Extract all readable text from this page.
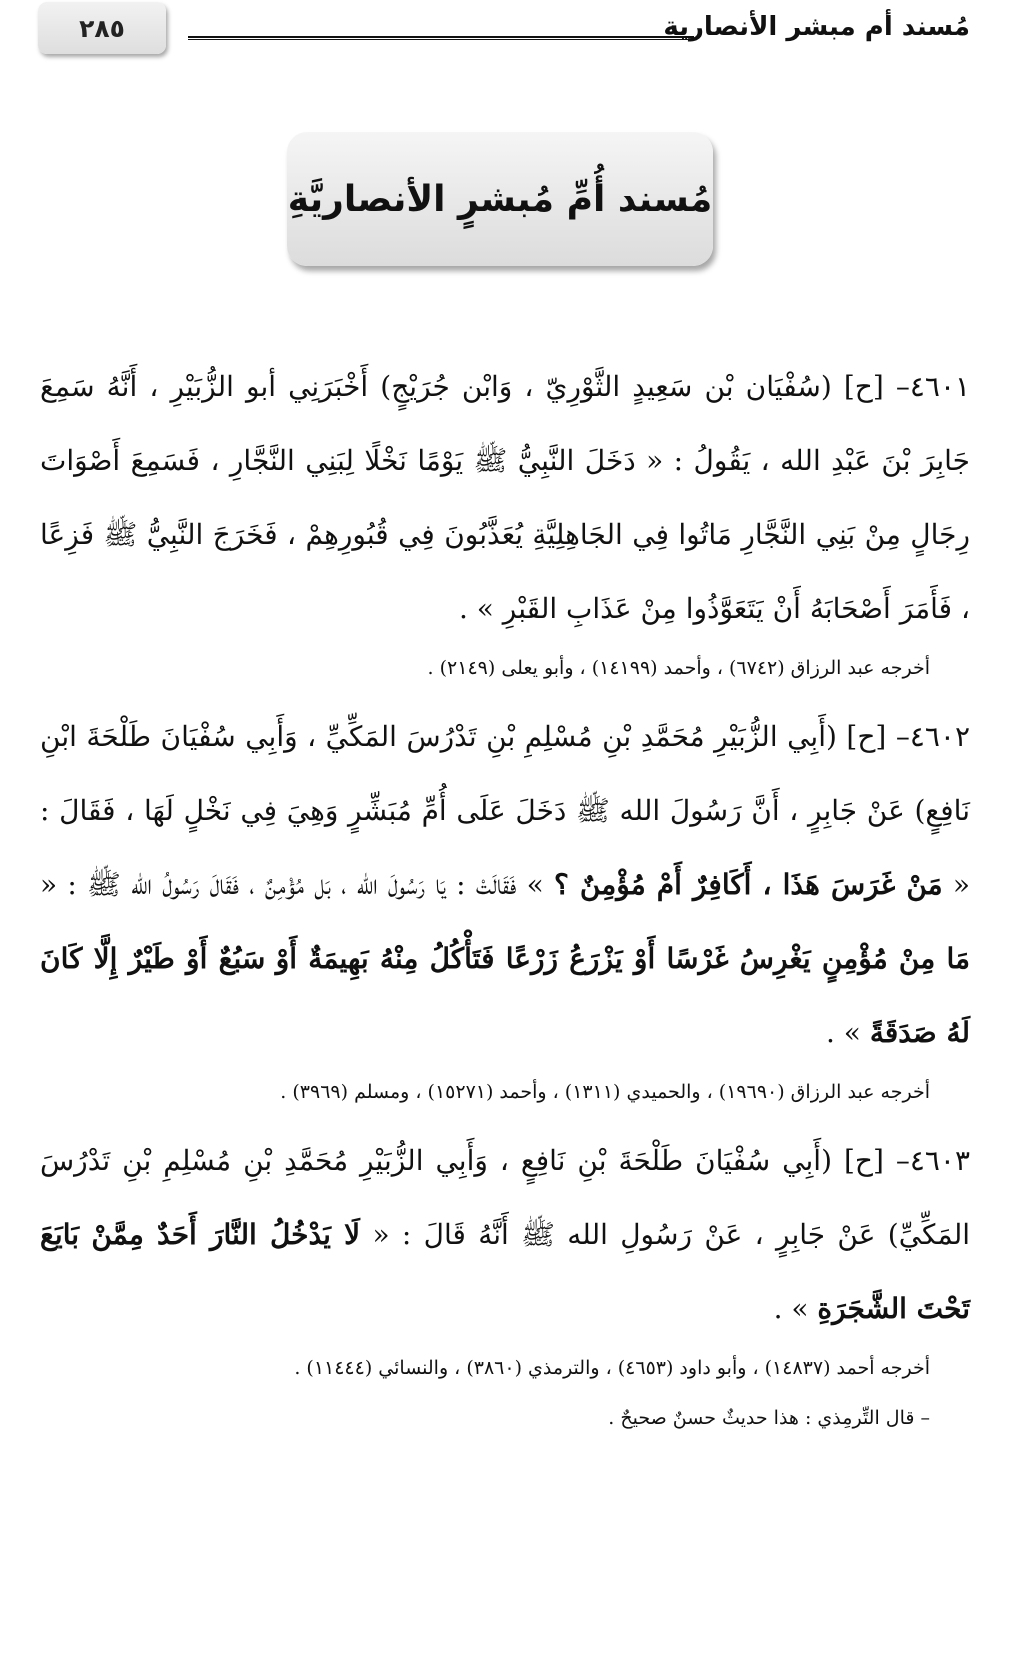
مُسند أم مبشر الأنصارية
٢٨٥
مُسند أُمِّ مُبشرٍ الأنصاريَّةِ

٤٦٠١– [ح] (سُفْيَان بْن سَعِيدٍ الثَّوْرِيّ ، وَابْن جُرَيْجٍ) أَخْبَرَنِي أبو الزُّبَيْرِ ، أَنَّهُ سَمِعَ جَابِرَ بْنَ عَبْدِ الله ، يَقُولُ : « دَخَلَ النَّبِيُّ ﷺ يَوْمًا نَخْلًا لِبَنِي النَّجَّارِ ، فَسَمِعَ أَصْوَاتَ رِجَالٍ مِنْ بَنِي النَّجَّارِ مَاتُوا فِي الجَاهِلِيَّةِ يُعَذَّبُونَ فِي قُبُورِهِمْ ، فَخَرَجَ النَّبِيُّ ﷺ فَزِعًا ، فَأَمَرَ أَصْحَابَهُ أَنْ يَتَعَوَّذُوا مِنْ عَذَابِ القَبْرِ » .

أخرجه عبد الرزاق (٦٧٤٢) ، وأحمد (١٤١٩٩) ، وأبو يعلى (٢١٤٩) .

٤٦٠٢– [ح] (أَبِي الزُّبَيْرِ مُحَمَّدِ بْنِ مُسْلِمِ بْنِ تَدْرُسَ المَكِّيِّ ، وَأَبِي سُفْيَانَ طَلْحَةَ ابْنِ نَافِعٍ) عَنْ جَابِرٍ ، أَنَّ رَسُولَ الله ﷺ دَخَلَ عَلَى أُمِّ مُبَشِّرٍ وَهِيَ فِي نَخْلٍ لَهَا ، فَقَالَ : « مَنْ غَرَسَ هَذَا ، أَكَافِرٌ أَمْ مُؤْمِنٌ ؟ » فَقَالَتْ : يَا رَسُولَ الله ، بَل مُؤْمِنٌ ، فَقَالَ رَسُولُ الله ﷺ : « مَا مِنْ مُؤْمِنٍ يَغْرِسُ غَرْسًا أَوْ يَزْرَعُ زَرْعًا فَتَأْكُلُ مِنْهُ بَهِيمَةٌ أَوْ سَبُعٌ أَوْ طَيْرٌ إِلَّا كَانَ لَهُ صَدَقَةً » .

أخرجه عبد الرزاق (١٩٦٩٠) ، والحميدي (١٣١١) ، وأحمد (١٥٢٧١) ، ومسلم (٣٩٦٩) .

٤٦٠٣– [ح] (أَبِي سُفْيَانَ طَلْحَةَ بْنِ نَافِعٍ ، وَأَبِي الزُّبَيْرِ مُحَمَّدِ بْنِ مُسْلِمِ بْنِ تَدْرُسَ المَكِّيِّ) عَنْ جَابِرٍ ، عَنْ رَسُولِ الله ﷺ أَنَّهُ قَالَ : « لَا يَدْخُلُ النَّارَ أَحَدٌ مِمَّنْ بَايَعَ تَحْتَ الشَّجَرَةِ » .

أخرجه أحمد (١٤٨٣٧) ، وأبو داود (٤٦٥٣) ، والترمذي (٣٨٦٠) ، والنسائي (١١٤٤٤) .
– قال التِّرمِذي : هذا حديثٌ حسنٌ صحيحٌ .
